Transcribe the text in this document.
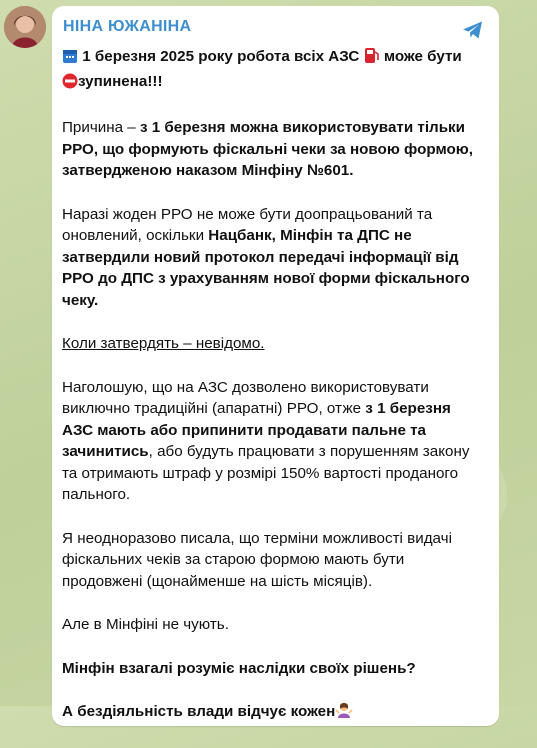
НІНА ЮЖАНІНА

1 березня 2025 року робота всіх АЗС  може бути
зупинена!!!

Причина – з 1 березня можна використовувати тільки РРО, що формують фіскальні чеки за новою формою, затвердженою наказом Мінфіну №601.

Наразі жоден РРО не може бути доопрацьований та оновлений, оскільки Нацбанк, Мінфін та ДПС не затвердили новий протокол передачі інформації від РРО до ДПС з урахуванням нової форми фіскального чеку.

Коли затвердять – невідомо.

Наголошую, що на АЗС дозволено використовувати виключно традиційні (апаратні) РРО, отже з 1 березня АЗС мають або припинити продавати пальне та зачинитись, або будуть працювати з порушенням закону та отримають штраф у розмірі 150% вартості проданого пального.

Я неодноразово писала, що терміни можливості видачі фіскальних чеків за старою формою мають бути продовжені (щонайменше на шість місяців).

Але в Мінфіні не чують.

Мінфін взагалі розуміє наслідки своїх рішень?

А бездіяльність влади відчує кожен
